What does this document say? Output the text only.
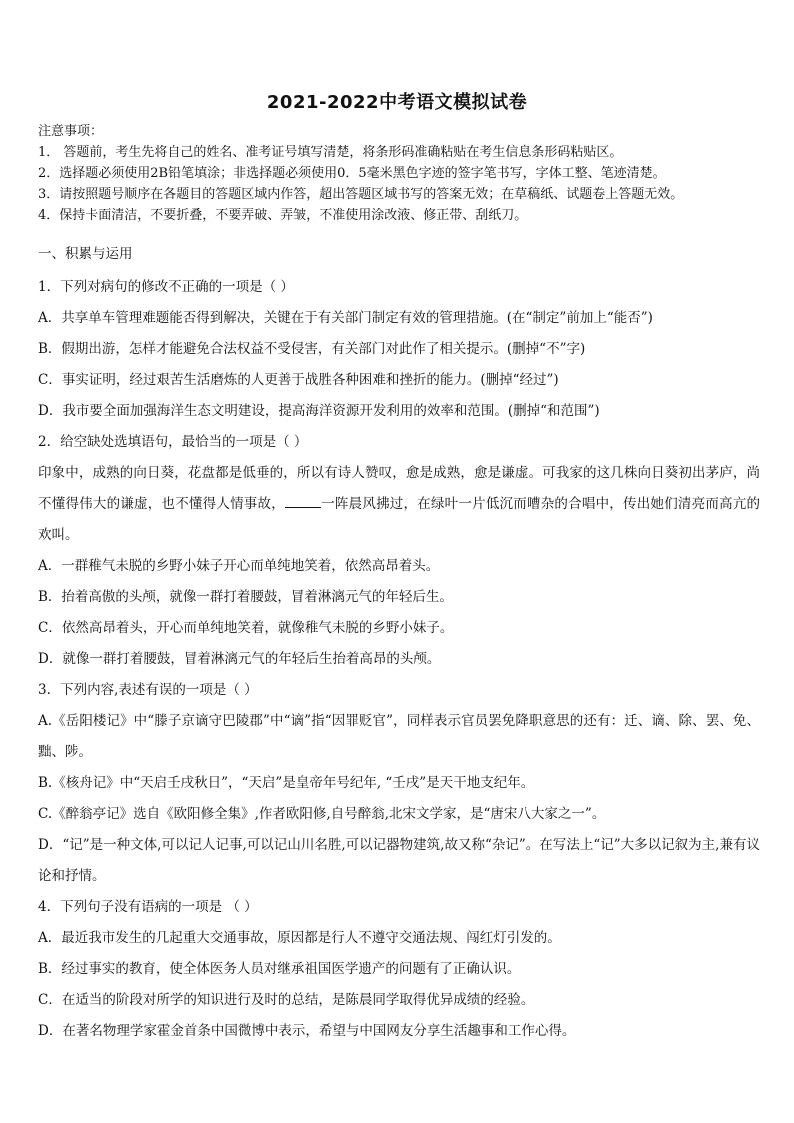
2021-2022中考语文模拟试卷
注意事项：
1． 答题前，考生先将自己的姓名、准考证号填写清楚，将条形码准确粘贴在考生信息条形码粘贴区。
2．选择题必须使用2B铅笔填涂；非选择题必须使用0．5毫米黑色字迹的签字笔书写，字体工整、笔迹清楚。
3．请按照题号顺序在各题目的答题区域内作答，超出答题区域书写的答案无效；在草稿纸、试题卷上答题无效。
4．保持卡面清洁，不要折叠，不要弄破、弄皱，不准使用涂改液、修正带、刮纸刀。
一、积累与运用
1．下列对病句的修改不正确的一项是（ ）
A．共享单车管理难题能否得到解决，关键在于有关部门制定有效的管理措施。(在“制定”前加上“能否”)
B．假期出游，怎样才能避免合法权益不受侵害，有关部门对此作了相关提示。(删掉“不”字)
C．事实证明，经过艰苦生活磨炼的人更善于战胜各种困难和挫折的能力。(删掉“经过”)
D．我市要全面加强海洋生态文明建设，提高海洋资源开发利用的效率和范围。(删掉“和范围”)
2．给空缺处选填语句，最恰当的一项是（ ）
印象中，成熟的向日葵，花盘都是低垂的，所以有诗人赞叹，愈是成熟，愈是谦虚。可我家的这几株向日葵初出茅庐，尚不懂得伟大的谦虚，也不懂得人情事故，	一阵晨风拂过，在绿叶一片低沉而嘈杂的合唱中，传出她们清亮而高亢的欢叫。
A．一群稚气未脱的乡野小妹子开心而单纯地笑着，依然高昂着头。
B．抬着高傲的头颅，就像一群打着腰鼓，冒着淋漓元气的年轻后生。
C．依然高昂着头，开心而单纯地笑着，就像稚气未脱的乡野小妹子。
D．就像一群打着腰鼓，冒着淋漓元气的年轻后生抬着高昂的头颅。
3．下列内容,表述有误的一项是（ ）
A.《岳阳楼记》中“滕子京谪守巴陵郡”中“谪”指“因罪贬官”，同样表示官员罢免降职意思的还有：迁、谪、除、罢、免、黜、陟。
B.《核舟记》中“天启壬戌秋日”，“天启”是皇帝年号纪年, “壬戌”是天干地支纪年。
C.《醉翁亭记》选自《欧阳修全集》,作者欧阳修,自号醉翁,北宋文学家，是“唐宋八大家之一”。
D．“记”是一种文体,可以记人记事,可以记山川名胜,可以记器物建筑,故又称“杂记”。在写法上“记”大多以记叙为主,兼有议论和抒情。
4．下列句子没有语病的一项是 （ ）
A．最近我市发生的几起重大交通事故，原因都是行人不遵守交通法规、闯红灯引发的。
B．经过事实的教育，使全体医务人员对继承祖国医学遗产的问题有了正确认识。
C．在适当的阶段对所学的知识进行及时的总结，是陈晨同学取得优异成绩的经验。
D．在著名物理学家霍金首条中国微博中表示，希望与中国网友分享生活趣事和工作心得。
